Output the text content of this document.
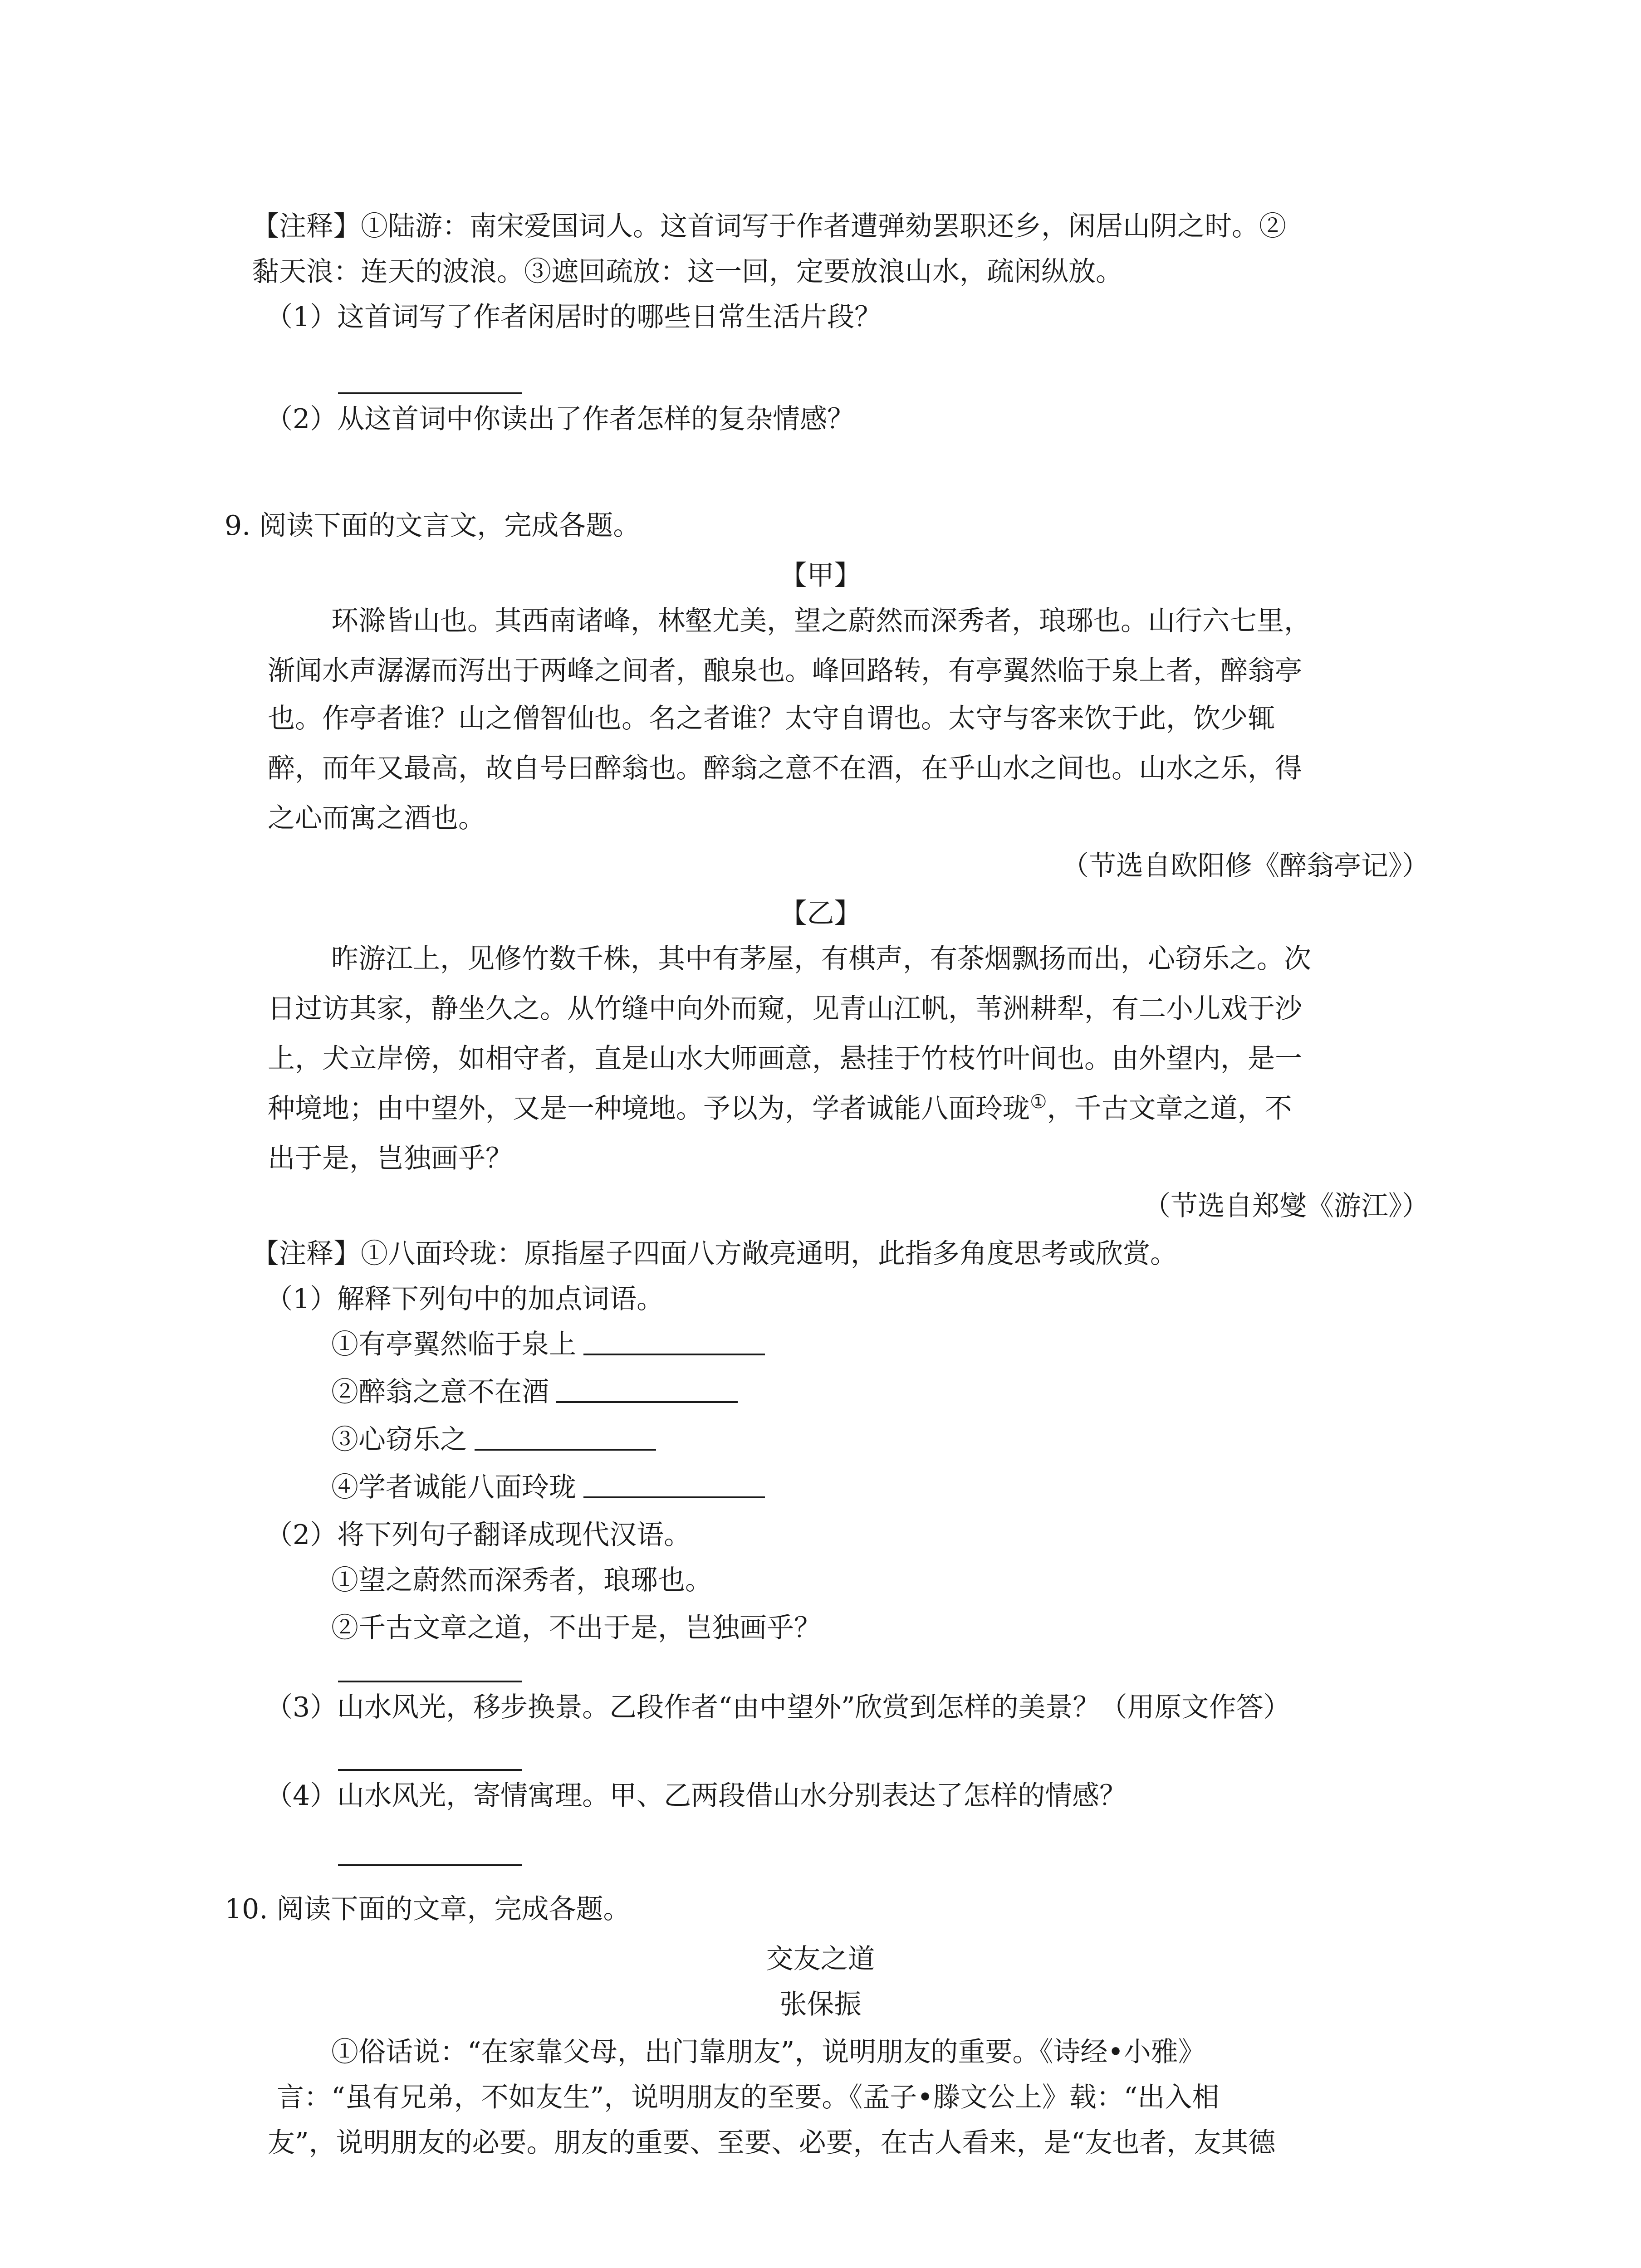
【注释】①陆游：南宋爱国词人。这首词写于作者遭弹劾罢职还乡，闲居山阴之时。②
黏天浪：连天的波浪。③遮回疏放：这一回，定要放浪山水，疏闲纵放。
（1）这首词写了作者闲居时的哪些日常生活片段？
（2）从这首词中你读出了作者怎样的复杂情感？
9. 阅读下面的文言文，完成各题。
【甲】
环滁皆山也。其西南诸峰，林壑尤美，望之蔚然而深秀者，琅琊也。山行六七里，
渐闻水声潺潺而泻出于两峰之间者，酿泉也。峰回路转，有亭翼然临于泉上者，醉翁亭
也。作亭者谁？山之僧智仙也。名之者谁？太守自谓也。太守与客来饮于此，饮少辄
醉，而年又最高，故自号曰醉翁也。醉翁之意不在酒，在乎山水之间也。山水之乐，得
之心而寓之酒也。
（节选自欧阳修《醉翁亭记》）
【乙】
昨游江上，见修竹数千株，其中有茅屋，有棋声，有茶烟飘扬而出，心窃乐之。次
日过访其家，静坐久之。从竹缝中向外而窥，见青山江帆，苇洲耕犁，有二小儿戏于沙
上，犬立岸傍，如相守者，直是山水大师画意，悬挂于竹枝竹叶间也。由外望内，是一
种境地；由中望外，又是一种境地。予以为，学者诚能八面玲珑①，千古文章之道，不
出于是，岂独画乎？
（节选自郑燮《游江》）
【注释】①八面玲珑：原指屋子四面八方敞亮通明，此指多角度思考或欣赏。
（1）解释下列句中的加点词语。
①有亭翼然临于泉上
②醉翁之意不在酒
③心窃乐之
④学者诚能八面玲珑
（2）将下列句子翻译成现代汉语。
①望之蔚然而深秀者，琅琊也。
②千古文章之道，不出于是，岂独画乎？
（3）山水风光，移步换景。乙段作者“由中望外”欣赏到怎样的美景？（用原文作答）
（4）山水风光，寄情寓理。甲、乙两段借山水分别表达了怎样的情感？
10. 阅读下面的文章，完成各题。
交友之道
张保振
①俗话说：“在家靠父母，出门靠朋友”，说明朋友的重要。《诗经•小雅》
言：“虽有兄弟，不如友生”，说明朋友的至要。《孟子•滕文公上》载：“出入相
友”，说明朋友的必要。朋友的重要、至要、必要，在古人看来，是“友也者，友其德
